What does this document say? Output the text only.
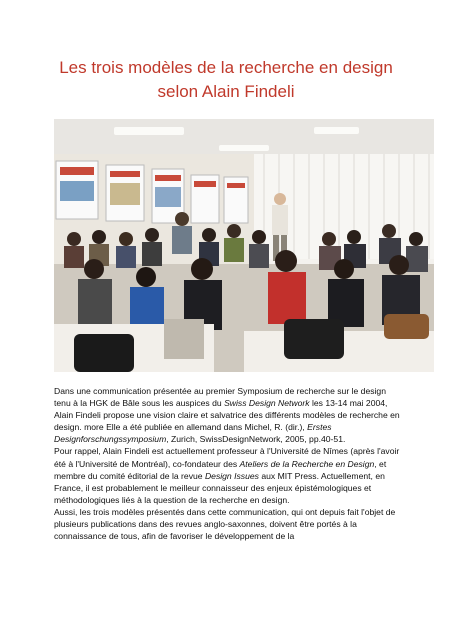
Les trois modèles de la recherche en design
selon Alain Findeli

Dans une communication présentée au premier Symposium de recherche sur le design tenu à la HGK de Bâle sous les auspices du Swiss Design Network les 13-14 mai 2004, Alain Findeli propose une vision claire et salvatrice des différents modèles de recherche en design. more Elle a été publiée en allemand dans Michel, R. (dir.), Erstes Designforschungssymposium, Zurich, SwissDesignNetwork, 2005, pp.40-51.

Pour rappel, Alain Findeli est actuellement professeur à l'Université de Nîmes (après l'avoir été à l'Université de Montréal), co-fondateur des Ateliers de la Recherche en Design, et membre du comité éditorial de la revue Design Issues aux MIT Press. Actuellement, en France, il est probablement le meilleur connaisseur des enjeux épistémologiques et méthodologiques liés à la question de la recherche en design.

Aussi, les trois modèles présentés dans cette communication, qui ont depuis fait l'objet de plusieurs publications dans des revues anglo-saxonnes, doivent être portés à la connaissance de tous, afin de favoriser le développement de la
